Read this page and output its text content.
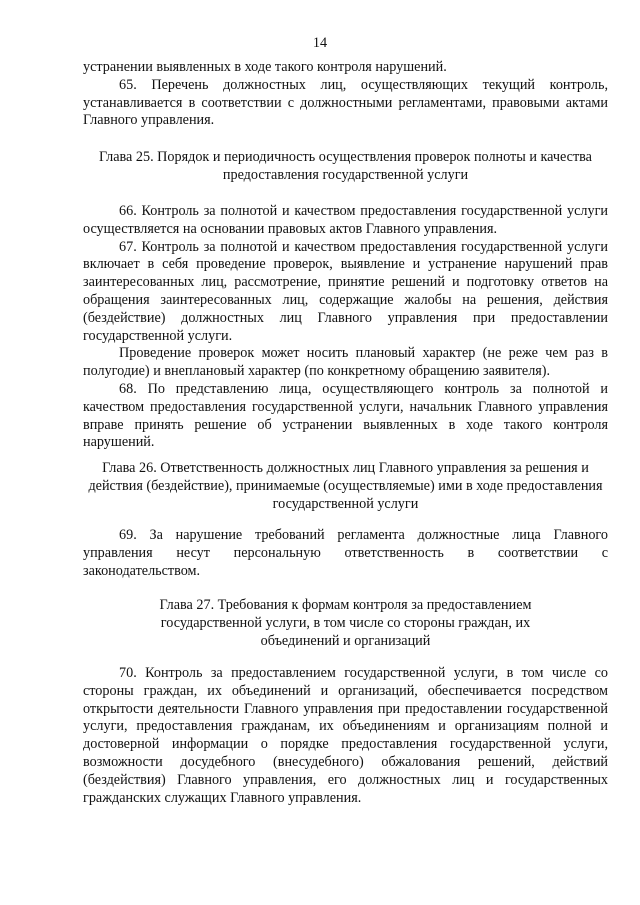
14

устранении выявленных в ходе такого контроля нарушений.

65. Перечень должностных лиц, осуществляющих текущий контроль, устанавливается в соответствии с должностными регламентами, правовыми актами Главного управления.

Глава 25. Порядок и периодичность осуществления проверок полноты и качества предоставления государственной услуги

66. Контроль за полнотой и качеством предоставления государственной услуги осуществляется на основании правовых актов Главного управления.

67. Контроль за полнотой и качеством предоставления государственной услуги включает в себя проведение проверок, выявление и устранение нарушений прав заинтересованных лиц, рассмотрение, принятие решений и подготовку ответов на обращения заинтересованных лиц, содержащие жалобы на решения, действия (бездействие) должностных лиц Главного управления при предоставлении государственной услуги.

Проведение проверок может носить плановый характер (не реже чем раз в полугодие) и внеплановый характер (по конкретному обращению заявителя).

68. По представлению лица, осуществляющего контроль за полнотой и качеством предоставления государственной услуги, начальник Главного управления вправе принять решение об устранении выявленных в ходе такого контроля нарушений.

Глава 26. Ответственность должностных лиц Главного управления за решения и действия (бездействие), принимаемые (осуществляемые) ими в ходе предоставления государственной услуги

69. За нарушение требований регламента должностные лица Главного управления несут персональную ответственность в соответствии с законодательством.

Глава 27. Требования к формам контроля за предоставлением государственной услуги, в том числе со стороны граждан, их объединений и организаций

70. Контроль за предоставлением государственной услуги, в том числе со стороны граждан, их объединений и организаций, обеспечивается посредством открытости деятельности Главного управления при предоставлении государственной услуги, предоставления гражданам, их объединениям и организациям полной и достоверной информации о порядке предоставления государственной услуги, возможности досудебного (внесудебного) обжалования решений, действий (бездействия) Главного управления, его должностных лиц и государственных гражданских служащих Главного управления.
